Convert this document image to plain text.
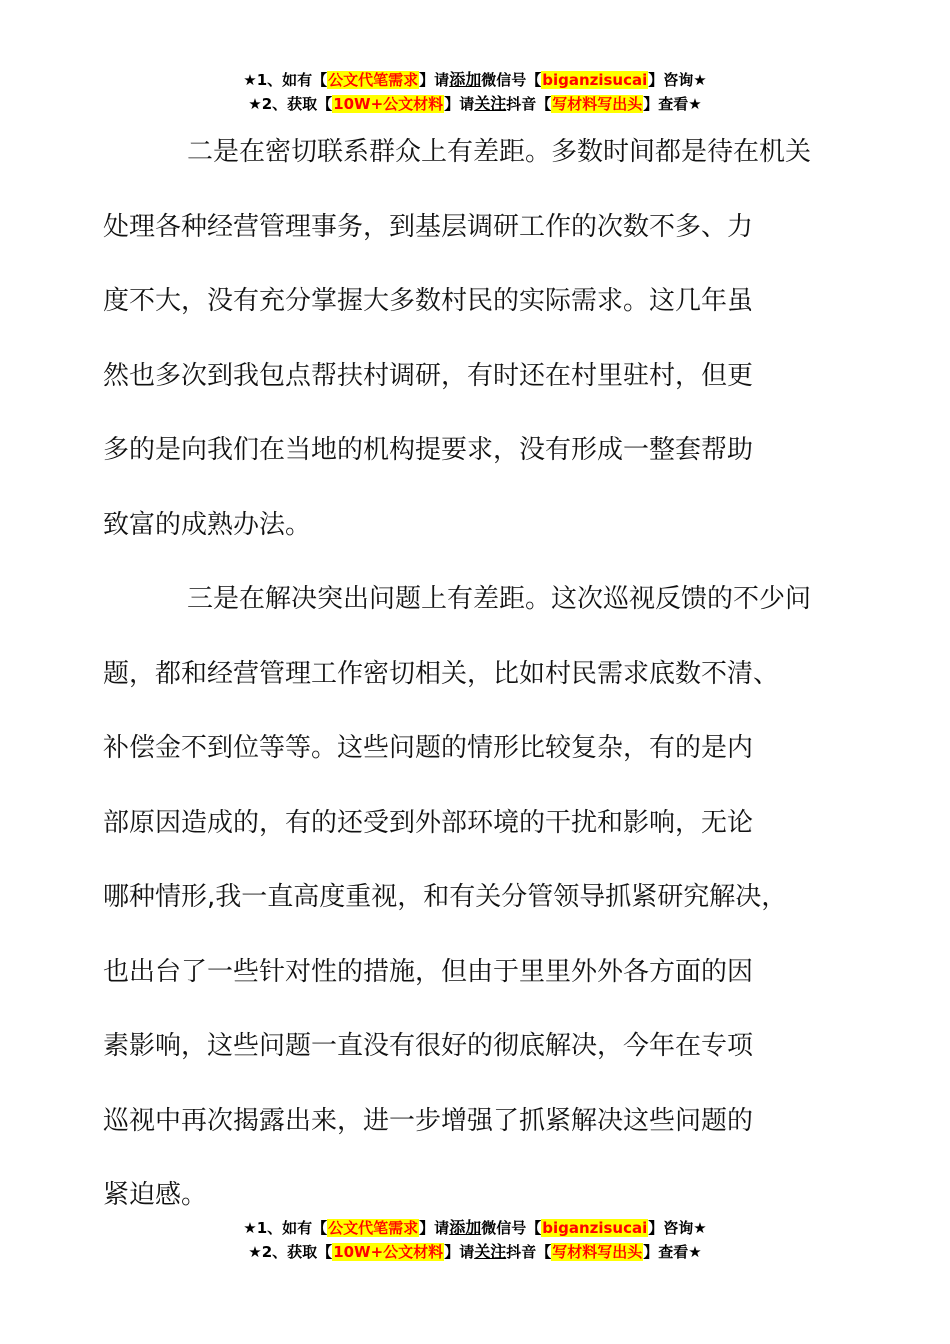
★1、如有【公文代笔需求】请添加微信号【biganzisucai】咨询★
★2、获取【10W+公文材料】请关注抖音【写材料写出头】查看★
二是在密切联系群众上有差距。多数时间都是待在机关
处理各种经营管理事务，到基层调研工作的次数不多、力
度不大，没有充分掌握大多数村民的实际需求。这几年虽
然也多次到我包点帮扶村调研，有时还在村里驻村，但更
多的是向我们在当地的机构提要求，没有形成一整套帮助
致富的成熟办法。
三是在解决突出问题上有差距。这次巡视反馈的不少问
题，都和经营管理工作密切相关，比如村民需求底数不清、
补偿金不到位等等。这些问题的情形比较复杂，有的是内
部原因造成的，有的还受到外部环境的干扰和影响，无论
哪种情形,我一直高度重视，和有关分管领导抓紧研究解决，
也出台了一些针对性的措施，但由于里里外外各方面的因
素影响，这些问题一直没有很好的彻底解决，今年在专项
巡视中再次揭露出来，进一步增强了抓紧解决这些问题的
紧迫感。
★1、如有【公文代笔需求】请添加微信号【biganzisucai】咨询★
★2、获取【10W+公文材料】请关注抖音【写材料写出头】查看★
